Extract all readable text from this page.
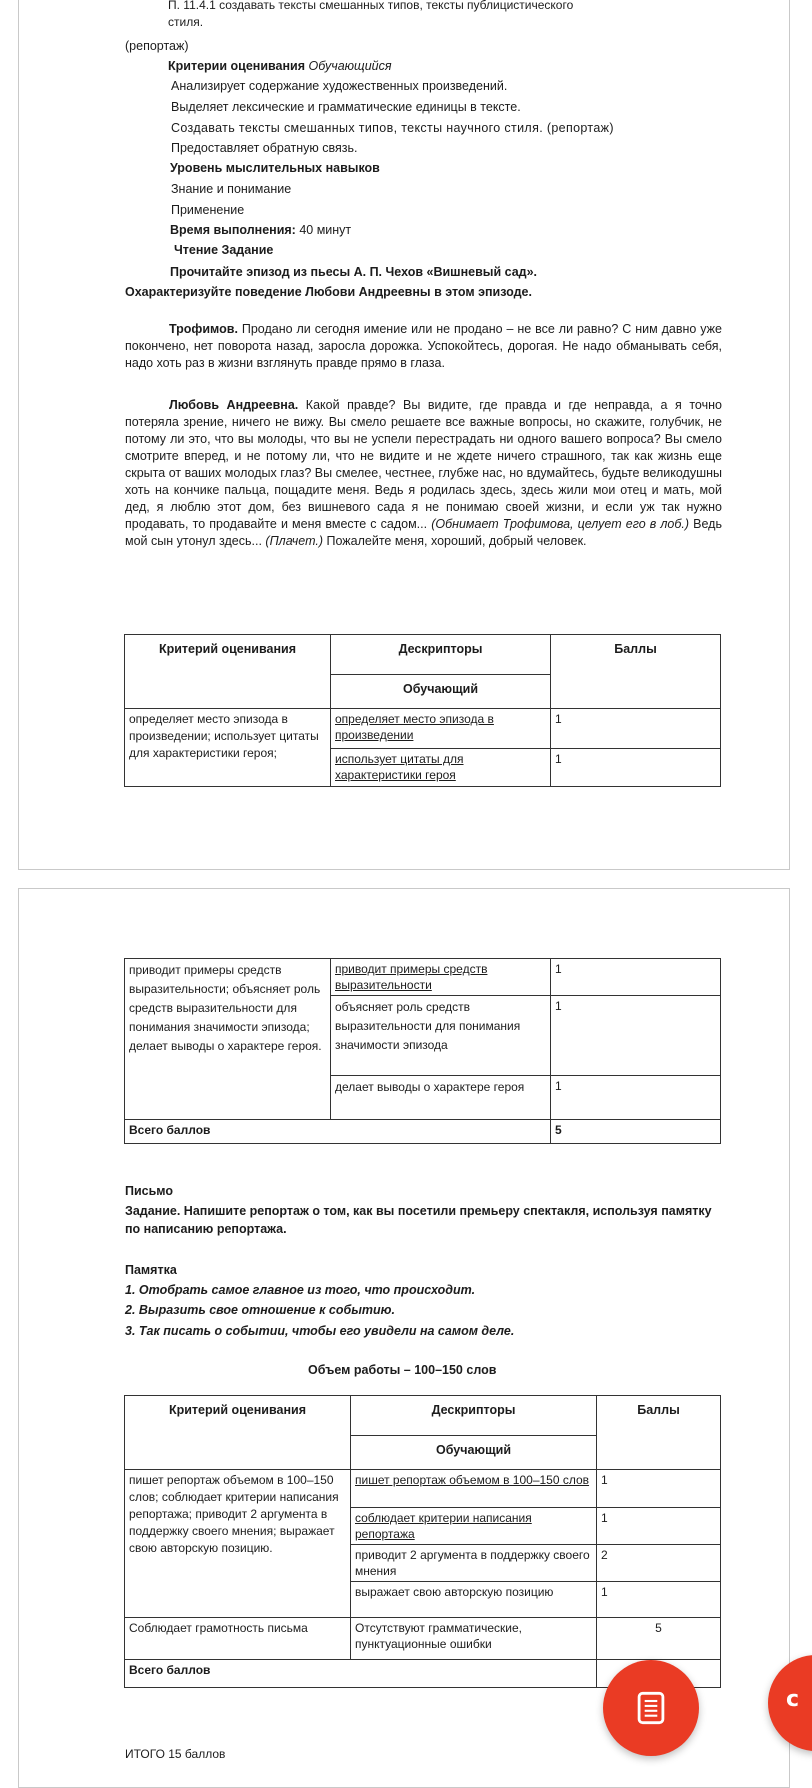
П. 11.4.1 создавать тексты смешанных типов, тексты публицистического
стиля.
(репортаж)
Критерии оценивания Обучающийся
Анализирует содержание художественных произведений.
Выделяет лексические и грамматические единицы в тексте.
Создавать тексты смешанных типов, тексты научного стиля. (репортаж)
Предоставляет обратную связь.
Уровень мыслительных навыков
Знание и понимание
Применение
Время выполнения: 40 минут
Чтение Задание
Прочитайте эпизод из пьесы А. П. Чехов «Вишневый сад».
Охарактеризуйте поведение Любови Андреевны в этом эпизоде.
Трофимов. Продано ли сегодня имение или не продано – не все ли равно? С ним давно уже покончено, нет поворота назад, заросла дорожка. Успокойтесь, дорогая. Не надо обманывать себя, надо хоть раз в жизни взглянуть правде прямо в глаза.
Любовь Андреевна. Какой правде? Вы видите, где правда и где неправда, а я точно потеряла зрение, ничего не вижу. Вы смело решаете все важные вопросы, но скажите, голубчик, не потому ли это, что вы молоды, что вы не успели перестрадать ни одного вашего вопроса? Вы смело смотрите вперед, и не потому ли, что не видите и не ждете ничего страшного, так как жизнь еще скрыта от ваших молодых глаз? Вы смелее, честнее, глубже нас, но вдумайтесь, будьте великодушны хоть на кончике пальца, пощадите меня. Ведь я родилась здесь, здесь жили мои отец и мать, мой дед, я люблю этот дом, без вишневого сада я не понимаю своей жизни, и если уж так нужно продавать, то продавайте и меня вместе с садом... (Обнимает Трофимова, целует его в лоб.) Ведь мой сын утонул здесь... (Плачет.) Пожалейте меня, хороший, добрый человек.
Критерий оценивания	Дескрипторы	Баллы
	Обучающий	
определяет место эпизода в произведении; использует цитаты для характеристики героя;	определяет место эпизода в произведении	1
	использует цитаты для характеристики героя	1
приводит примеры средств выразительности; объясняет роль средств выразительности для понимания значимости эпизода; делает выводы о характере героя.	приводит примеры средств выразительности	1
	объясняет роль средств выразительности для понимания значимости эпизода	1
	делает выводы о характере героя	1
Всего баллов		5
Письмо
Задание. Напишите репортаж о том, как вы посетили премьеру спектакля, используя памятку по написанию репортажа.
Памятка
1. Отобрать самое главное из того, что происходит.
2. Выразить свое отношение к событию.
3. Так писать о событии, чтобы его увидели на самом деле.
Объем работы – 100–150 слов
Критерий оценивания	Дескрипторы	Баллы
	Обучающий	
пишет репортаж объемом в 100–150 слов; соблюдает критерии написания репортажа; приводит 2 аргумента в поддержку своего мнения; выражает свою авторскую позицию.	пишет репортаж объемом в 100–150 слов	1
	соблюдает критерии написания репортажа	1
	приводит 2 аргумента в поддержку своего мнения	2
	выражает свою авторскую позицию	1
Соблюдает грамотность письма	Отсутствуют грамматические, пунктуационные ошибки	5
Всего баллов		
ИТОГО 15 баллов
c
